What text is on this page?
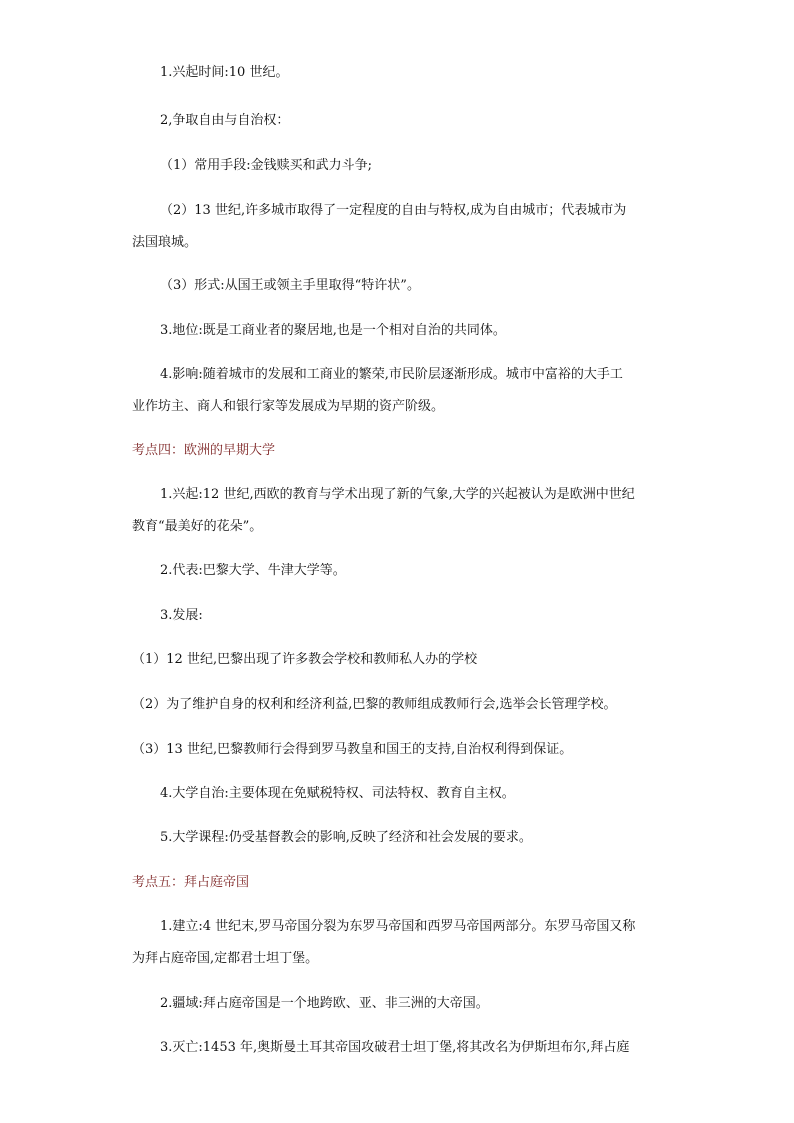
1.兴起时间:10 世纪。
2,争取自由与自治权：
（1）常用手段:金钱赎买和武力斗争;
（2）13 世纪,许多城市取得了一定程度的自由与特权,成为自由城市；代表城市为
法国琅城。
（3）形式:从国王或领主手里取得“特许状”。
3.地位:既是工商业者的聚居地,也是一个相对自治的共同体。
4.影响:随着城市的发展和工商业的繁荣,市民阶层逐渐形成。城市中富裕的大手工
业作坊主、商人和银行家等发展成为早期的资产阶级。
考点四：欧洲的早期大学
1.兴起:12 世纪,西欧的教育与学术出现了新的气象,大学的兴起被认为是欧洲中世纪
教育“最美好的花朵”。
2.代表:巴黎大学、牛津大学等。
3.发展:
（1）12 世纪,巴黎出现了许多教会学校和教师私人办的学校
（2）为了维护自身的权利和经济利益,巴黎的教师组成教师行会,选举会长管理学校。
（3）13 世纪,巴黎教师行会得到罗马教皇和国王的支持,自治权利得到保证。
4.大学自治:主要体现在免赋税特权、司法特权、教育自主权。
5.大学课程:仍受基督教会的影响,反映了经济和社会发展的要求。
考点五：拜占庭帝国
1.建立:4 世纪末,罗马帝国分裂为东罗马帝国和西罗马帝国两部分。东罗马帝国又称
为拜占庭帝国,定都君士坦丁堡。
2.疆域:拜占庭帝国是一个地跨欧、亚、非三洲的大帝国。
3.灭亡:1453 年,奥斯曼土耳其帝国攻破君士坦丁堡,将其改名为伊斯坦布尔,拜占庭
